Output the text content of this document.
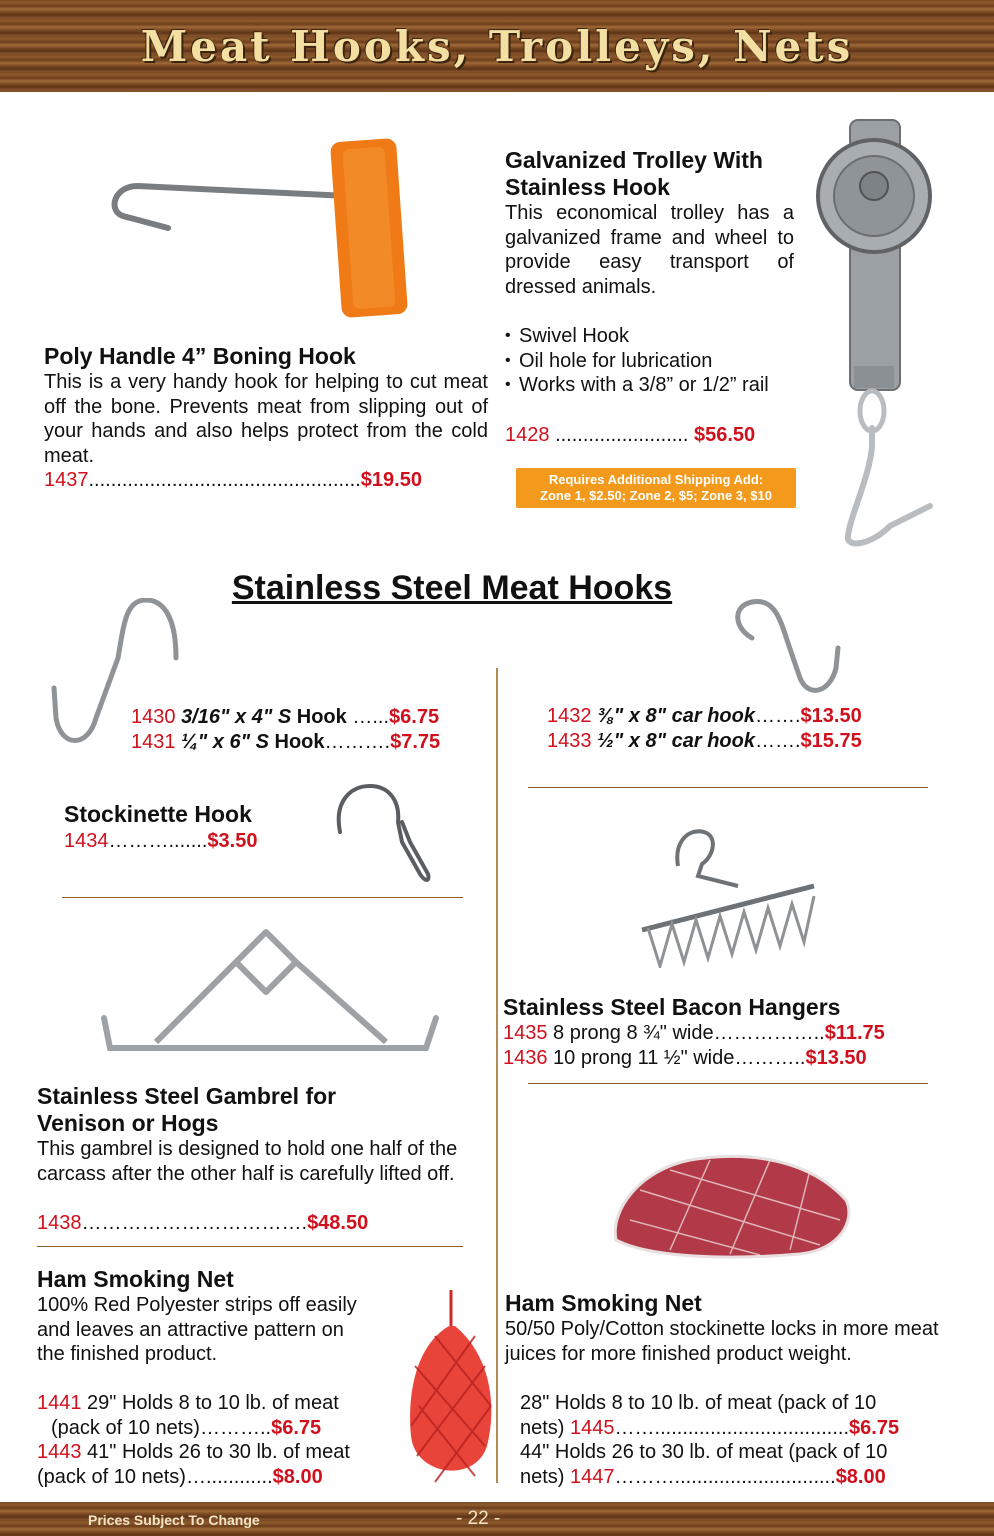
Meat Hooks, Trolleys, Nets
Poly Handle 4” Boning Hook
This is a very handy hook for helping to cut meat off the bone. Prevents meat from slipping out of your hands and also helps protect from the cold meat.
1437.................................................$19.50
Galvanized Trolley With
Stainless Hook
This economical trolley has a galvanized frame and wheel to provide easy transport of dressed animals.
• Swivel Hook
• Oil hole for lubrication
• Works with a 3/8” or 1/2” rail
1428 ........................ $56.50
Requires Additional Shipping Add:
Zone 1, $2.50; Zone 2, $5; Zone 3, $10
Stainless Steel Meat Hooks
1430 3/16" x 4" S Hook …...$6.75
1431 ¼" x 6" S Hook……….$7.75
1432 ⅜" x 8" car hook…….$13.50
1433 ½" x 8" car hook…….$15.75
Stockinette Hook
1434……….......$3.50
Stainless Steel Gambrel for
Venison or Hogs
This gambrel is designed to hold one half of the carcass after the other half is carefully lifted off.
1438…………………………….$48.50
Stainless Steel Bacon Hangers
1435 8 prong 8 ¾" wide……………..$11.75
1436 10 prong 11 ½" wide………..$13.50
Ham Smoking Net
100% Red Polyester strips off easily and leaves an attractive pattern on the finished product.
1441 29" Holds 8 to 10 lb. of meat
(pack of 10 nets)………..$6.75
1443 41" Holds 26 to 30 lb. of meat
(pack of 10 nets)…............$8.00
Ham Smoking Net
50/50 Poly/Cotton stockinette locks in more meat juices for more finished product weight.
28" Holds 8 to 10 lb. of meat (pack of 10
nets) 1445……...................................$6.75
44" Holds 26 to 30 lb. of meat (pack of 10
nets) 1447……….............................$8.00
Prices Subject To Change	- 22 -
